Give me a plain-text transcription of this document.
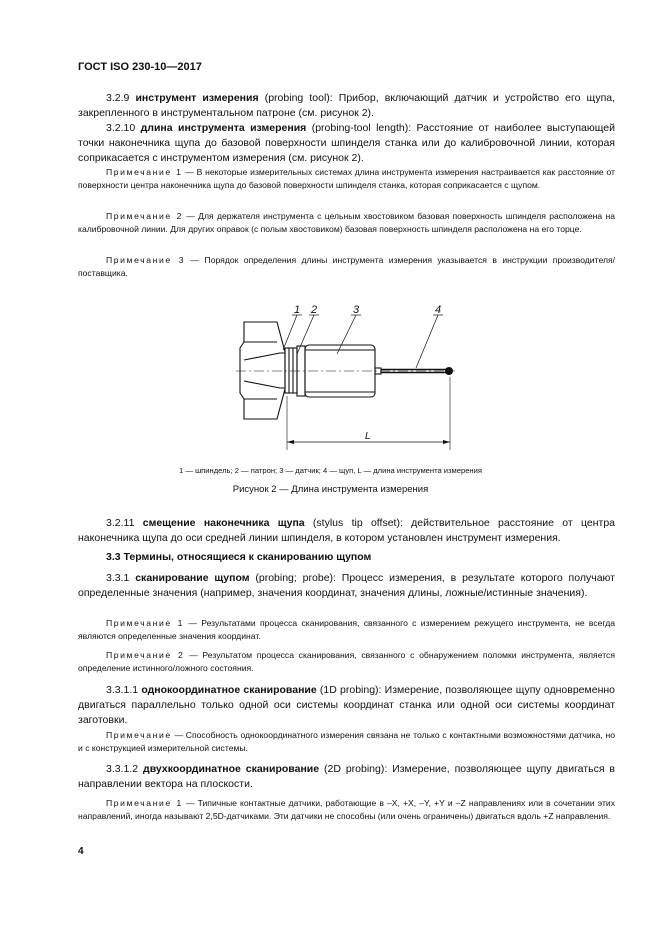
ГОСТ ISO 230-10—2017

3.2.9 инструмент измерения (probing tool): Прибор, включающий датчик и устройство его щупа, закрепленного в инструментальном патроне (см. рисунок 2).

3.2.10 длина инструмента измерения (probing-tool length): Расстояние от наиболее выступающей точки наконечника щупа до базовой поверхности шпинделя станка или до калибровочной линии, которая соприкасается с инструментом измерения (см. рисунок 2).

Примечание 1 — В некоторые измерительных системах длина инструмента измерения настраивается как расстояние от поверхности центра наконечника щупа до базовой поверхности шпинделя станка, которая соприкасается с щупом.

Примечание 2 — Для держателя инструмента с цельным хвостовиком базовая поверхность шпинделя расположена на калибровочной линии. Для других оправок (с полым хвостовиком) базовая поверхность шпинделя расположена на его торце.

Примечание 3 — Порядок определения длины инструмента измерения указывается в инструкции производителя/поставщика.

1 2	3	4
L
1 — шпиндель; 2 — патрон; 3 — датчик; 4 — щуп, L — длина инструмента измерения
Рисунок 2 — Длина инструмента измерения

3.2.11 смещение наконечника щупа (stylus tip offset): действительное расстояние от центра наконечника щупа до оси средней линии шпинделя, в котором установлен инструмент измерения.

3.3 Термины, относящиеся к сканированию щупом

3.3.1 сканирование щупом (probing; probe): Процесс измерения, в результате которого получают определенные значения (например, значения координат, значения длины, ложные/истинные значения).

Примечание 1 — Результатами процесса сканирования, связанного с измерением режущего инструмента, не всегда являются определенные значения координат.

Примечание 2 — Результатом процесса сканирования, связанного с обнаружением поломки инструмента, является определение истинного/ложного состояния.

3.3.1.1 однокоординатное сканирование (1D probing): Измерение, позволяющее щупу одновременно двигаться параллельно только одной оси системы координат станка или одной оси системы координат заготовки.

Примечание — Способность однокоординатного измерения связана не только с контактными возможностями датчика, но и с конструкцией измерительной системы.

3.3.1.2 двухкоординатное сканирование (2D probing): Измерение, позволяющее щупу двигаться в направлении вектора на плоскости.

Примечание 1 — Типичные контактные датчики, работающие в –X, +X, –Y, +Y и –Z направлениях или в сочетании этих направлений, иногда называют 2,5D-датчиками. Эти датчики не способны (или очень ограничены) двигаться вдоль +Z направления.

4
